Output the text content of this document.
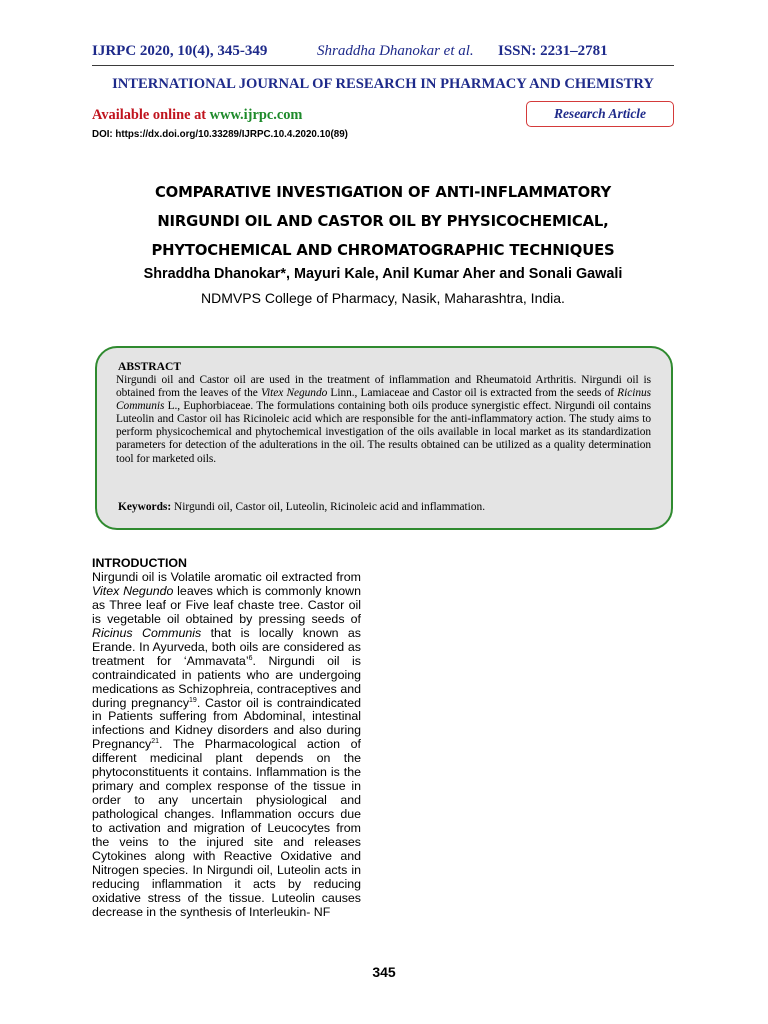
IJRPC 2020, 10(4), 345-349	Shraddha Dhanokar et al. ISSN: 2231–2781
INTERNATIONAL JOURNAL OF RESEARCH IN PHARMACY AND CHEMISTRY
Available online at www.ijrpc.com	Research Article
DOI: https://dx.doi.org/10.33289/IJRPC.10.4.2020.10(89)
COMPARATIVE INVESTIGATION OF ANTI-INFLAMMATORY
NIRGUNDI OIL AND CASTOR OIL BY PHYSICOCHEMICAL,
PHYTOCHEMICAL AND CHROMATOGRAPHIC TECHNIQUES
Shraddha Dhanokar*, Mayuri Kale, Anil Kumar Aher and Sonali Gawali
NDMVPS College of Pharmacy, Nasik, Maharashtra, India.
ABSTRACT
Nirgundi oil and Castor oil are used in the treatment of inflammation and Rheumatoid Arthritis. Nirgundi oil is obtained from the leaves of the Vitex Negundo Linn., Lamiaceae and Castor oil is extracted from the seeds of Ricinus Communis L., Euphorbiaceae. The formulations containing both oils produce synergistic effect. Nirgundi oil contains Luteolin and Castor oil has Ricinoleic acid which are responsible for the anti-inflammatory action. The study aims to perform physicochemical and phytochemical investigation of the oils available in local market as its standardization parameters for detection of the adulterations in the oil. The results obtained can be utilized as a quality determination tool for marketed oils.
Keywords: Nirgundi oil, Castor oil, Luteolin, Ricinoleic acid and inflammation.
INTRODUCTION

Nirgundi oil is Volatile aromatic oil extracted from Vitex Negundo leaves which is commonly known as Three leaf or Five leaf chaste tree. Castor oil is vegetable oil obtained by pressing seeds of Ricinus Communis that is locally known as Erande. In Ayurveda, both oils are considered as treatment for ‘Ammavata’$^6$. Nirgundi oil is contraindicated in patients who are undergoing medications as Schizophreia, contraceptives and during pregnancy$^{19}$. Castor oil is contraindicated in Patients suffering from Abdominal, intestinal infections and Kidney disorders and also during Pregnancy$^{21}$. The Pharmacological action of different medicinal plant depends on the phytoconstituents it contains. Inflammation is the primary and complex response of the tissue in order to any uncertain physiological and pathological changes. Inflammation occurs due to activation and migration of Leucocytes from the veins to the injured site and releases Cytokines along with Reactive Oxidative and Nitrogen species. In Nirgundi oil, Luteolin acts in reducing inflammation it acts by reducing oxidative stress of the tissue. Luteolin causes decrease in the synthesis of Interleukin- NF

345
